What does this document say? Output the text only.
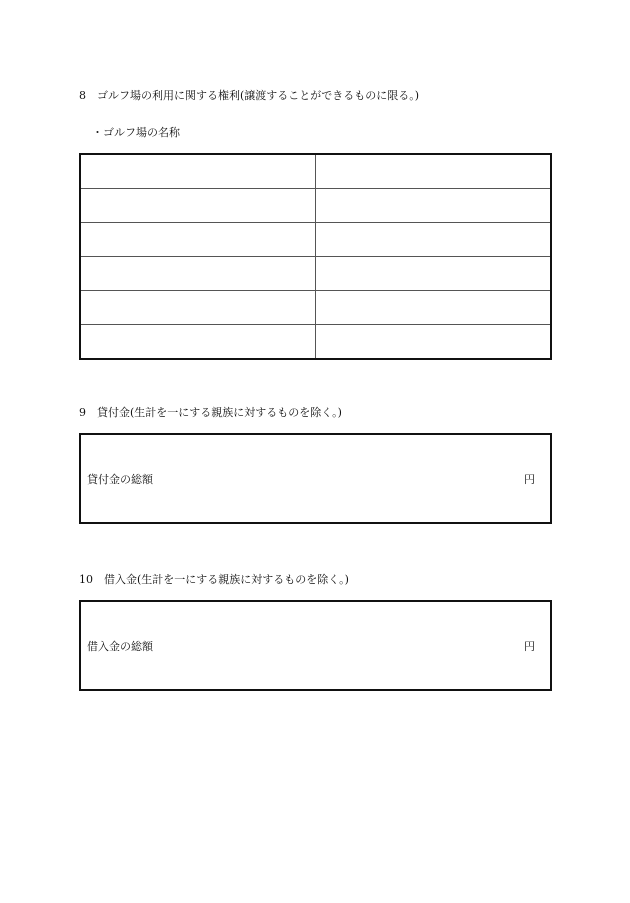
8　ゴルフ場の利用に関する権利(譲渡することができるものに限る。)
・ゴルフ場の名称

9　貸付金(生計を一にする親族に対するものを除く。)
貸付金の総額	円
10　借入金(生計を一にする親族に対するものを除く。)
借入金の総額	円
